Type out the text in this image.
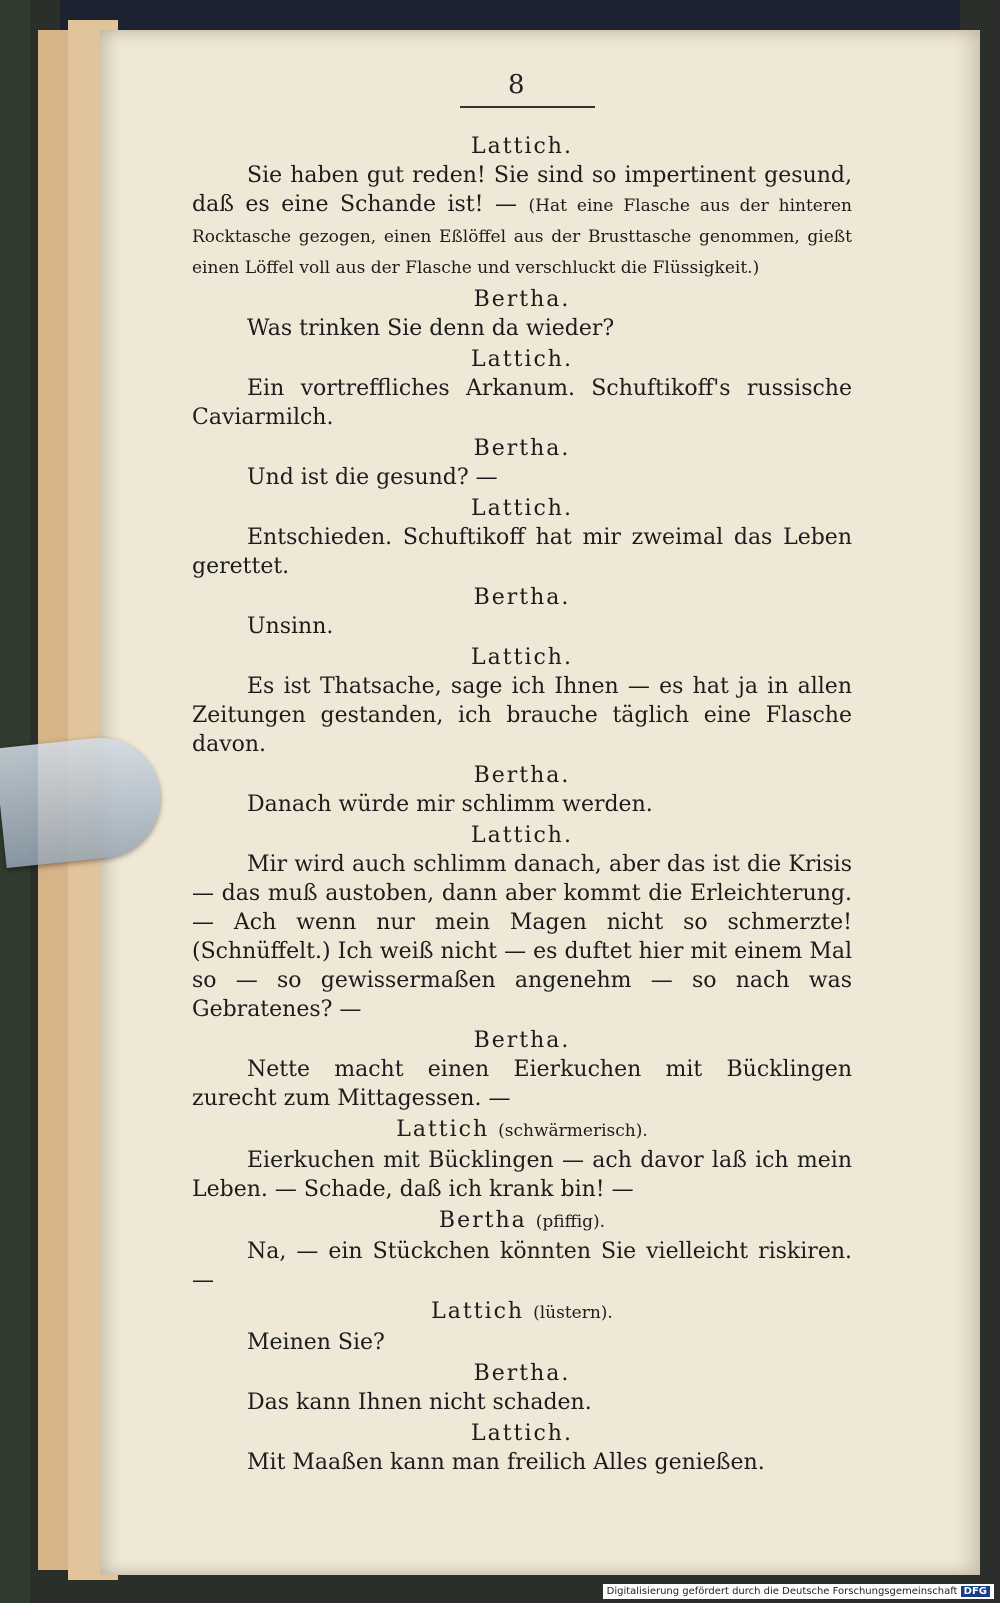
8
Lattich.

Sie haben gut reden! Sie sind so impertinent gesund, daß es eine Schande ist! — (Hat eine Flasche aus der hinteren Rocktasche gezogen, einen Eßlöffel aus der Brusttasche genommen, gießt einen Löffel voll aus der Flasche und verschluckt die Flüssigkeit.)

Bertha.

Was trinken Sie denn da wieder?

Lattich.

Ein vortreffliches Arkanum. Schuftikoff's russische Caviarmilch.

Bertha.

Und ist die gesund? —

Lattich.

Entschieden. Schuftikoff hat mir zweimal das Leben gerettet.

Bertha.

Unsinn.

Lattich.

Es ist Thatsache, sage ich Ihnen — es hat ja in allen Zeitungen gestanden, ich brauche täglich eine Flasche davon.

Bertha.

Danach würde mir schlimm werden.

Lattich.

Mir wird auch schlimm danach, aber das ist die Krisis — das muß austoben, dann aber kommt die Erleichterung. — Ach wenn nur mein Magen nicht so schmerzte! (Schnüffelt.) Ich weiß nicht — es duftet hier mit einem Mal so — so gewissermaßen angenehm — so nach was Gebratenes? —

Bertha.

Nette macht einen Eierkuchen mit Bücklingen zurecht zum Mittagessen. —

Lattich (schwärmerisch).

Eierkuchen mit Bücklingen — ach davor laß ich mein Leben. — Schade, daß ich krank bin! —

Bertha (pfiffig).

Na, — ein Stückchen könnten Sie vielleicht riskiren. —

Lattich (lüstern).

Meinen Sie?

Bertha.

Das kann Ihnen nicht schaden.

Lattich.

Mit Maaßen kann man freilich Alles genießen.

Digitalisierung gefördert durch die Deutsche Forschungsgemeinschaft DFG
